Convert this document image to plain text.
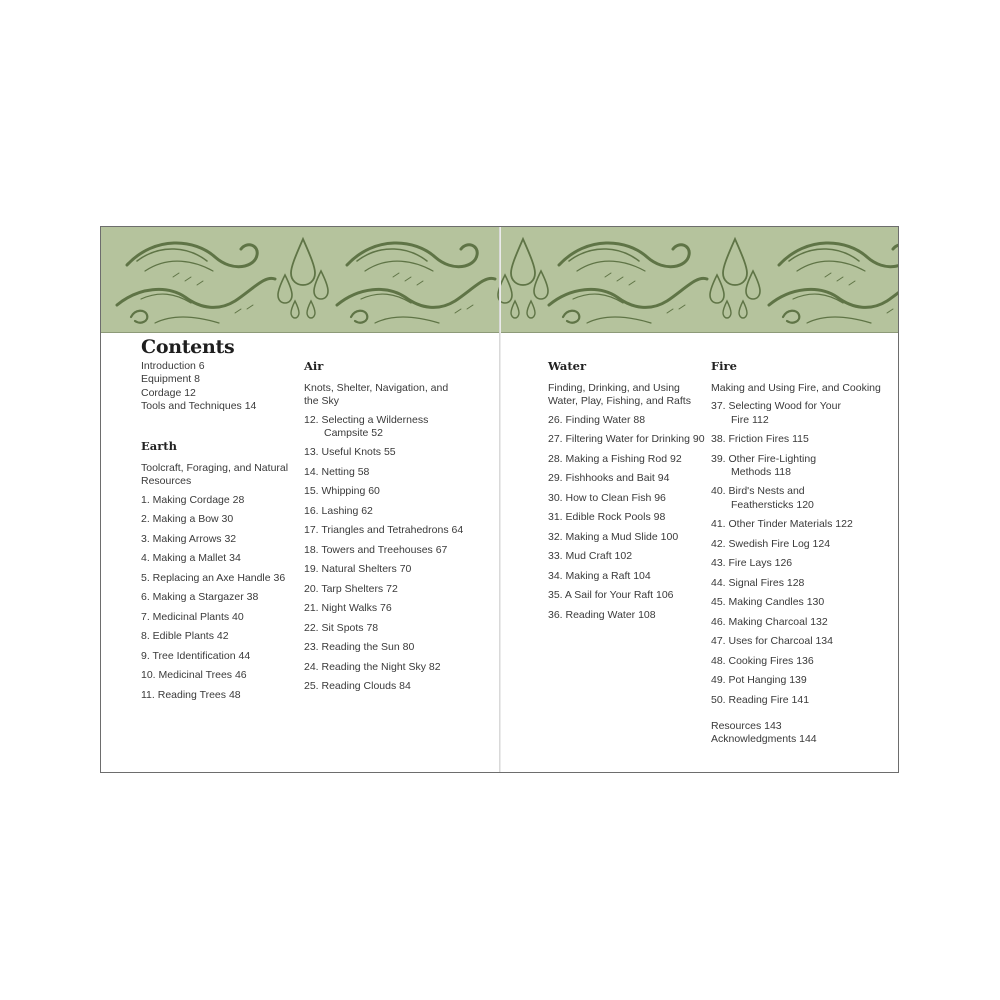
Contents
Introduction 6
Equipment 8
Cordage 12
Tools and Techniques 14
Earth
Toolcraft, Foraging, and Natural Resources
1. Making Cordage 28
2. Making a Bow 30
3. Making Arrows 32
4. Making a Mallet 34
5. Replacing an Axe Handle 36
6. Making a Stargazer 38
7. Medicinal Plants 40
8. Edible Plants 42
9. Tree Identification 44
10. Medicinal Trees 46
11. Reading Trees 48
Air
Knots, Shelter, Navigation, and the Sky
12. Selecting a Wilderness
Campsite 52
13. Useful Knots 55
14. Netting 58
15. Whipping 60
16. Lashing 62
17. Triangles and Tetrahedrons 64
18. Towers and Treehouses 67
19. Natural Shelters 70
20. Tarp Shelters 72
21. Night Walks 76
22. Sit Spots 78
23. Reading the Sun 80
24. Reading the Night Sky 82
25. Reading Clouds 84
Water
Finding, Drinking, and Using Water, Play, Fishing, and Rafts
26. Finding Water 88
27. Filtering Water for Drinking 90
28. Making a Fishing Rod 92
29. Fishhooks and Bait 94
30. How to Clean Fish 96
31. Edible Rock Pools 98
32. Making a Mud Slide 100
33. Mud Craft 102
34. Making a Raft 104
35. A Sail for Your Raft 106
36. Reading Water 108
Fire
Making and Using Fire, and Cooking
37. Selecting Wood for Your
Fire 112
38. Friction Fires 115
39. Other Fire-Lighting
Methods 118
40. Bird's Nests and
Feathersticks 120
41. Other Tinder Materials 122
42. Swedish Fire Log 124
43. Fire Lays 126
44. Signal Fires 128
45. Making Candles 130
46. Making Charcoal 132
47. Uses for Charcoal 134
48. Cooking Fires 136
49. Pot Hanging 139
50. Reading Fire 141
Resources 143
Acknowledgments 144
